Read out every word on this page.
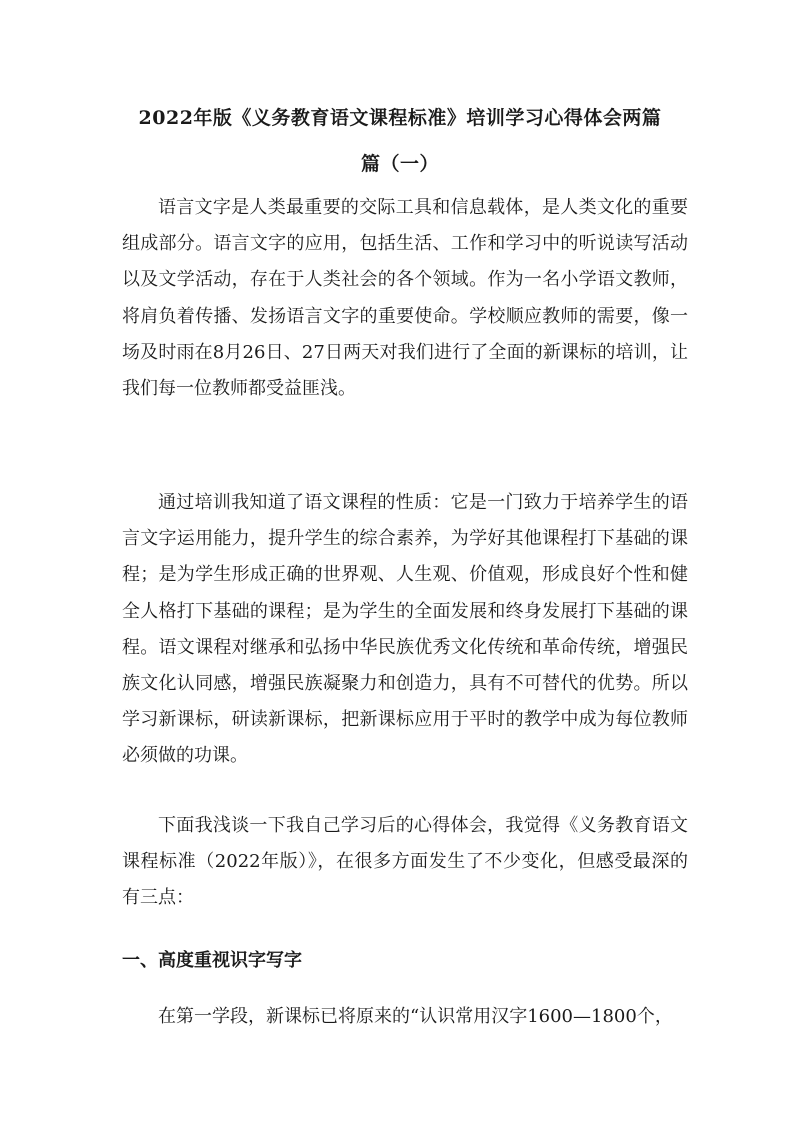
2022年版《义务教育语文课程标准》培训学习心得体会两篇
篇（一）

语言文字是人类最重要的交际工具和信息载体，是人类文化的重要组成部分。语言文字的应用，包括生活、工作和学习中的听说读写活动以及文学活动，存在于人类社会的各个领域。作为一名小学语文教师，将肩负着传播、发扬语言文字的重要使命。学校顺应教师的需要，像一场及时雨在8月26日、27日两天对我们进行了全面的新课标的培训，让我们每一位教师都受益匪浅。

通过培训我知道了语文课程的性质：它是一门致力于培养学生的语言文字运用能力，提升学生的综合素养，为学好其他课程打下基础的课程；是为学生形成正确的世界观、人生观、价值观，形成良好个性和健全人格打下基础的课程；是为学生的全面发展和终身发展打下基础的课程。语文课程对继承和弘扬中华民族优秀文化传统和革命传统，增强民族文化认同感，增强民族凝聚力和创造力，具有不可替代的优势。所以学习新课标，研读新课标，把新课标应用于平时的教学中成为每位教师必须做的功课。

下面我浅谈一下我自己学习后的心得体会，我觉得《义务教育语文课程标准（2022年版）》，在很多方面发生了不少变化，但感受最深的有三点：

一、高度重视识字写字

在第一学段，新课标已将原来的“认识常用汉字1600—1800个，
